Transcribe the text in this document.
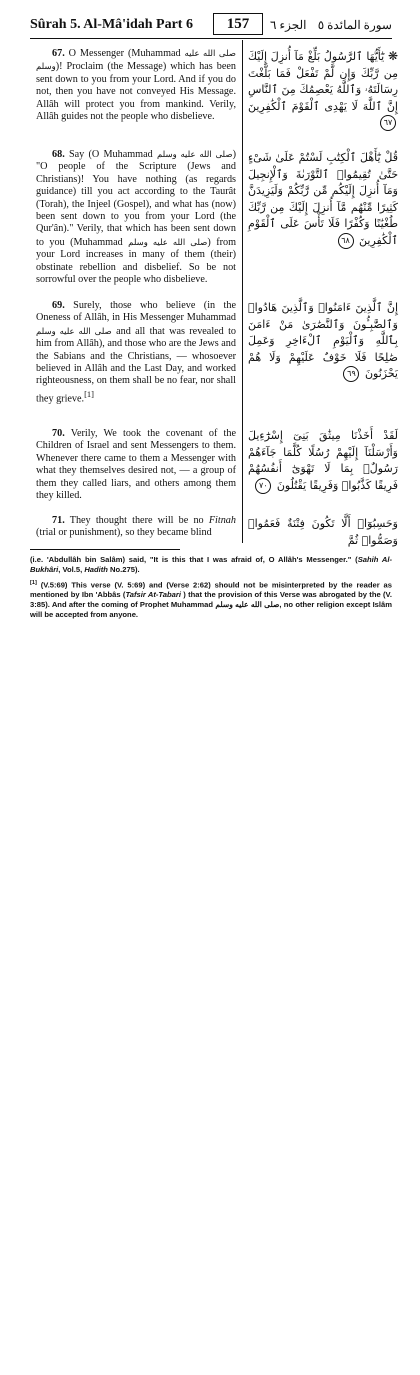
Sûrah 5. Al-Mâ'idah Part 6	157	الجزء ٦ سورة المائدة ٥

67. O Messenger (Muhammad صلى الله عليه وسلم)! Proclaim (the Message) which has been sent down to you from your Lord. And if you do not, then you have not conveyed His Message. Allâh will protect you from mankind. Verily, Allâh guides not the people who disbelieve.

68. Say (O Muhammad صلى الله عليه وسلم) "O people of the Scripture (Jews and Christians)! You have nothing (as regards guidance) till you act according to the Taurât (Torah), the Injeel (Gospel), and what has (now) been sent down to you from your Lord (the Qur'ân)." Verily, that which has been sent down to you (Muhammad صلى الله عليه وسلم) from your Lord increases in many of them (their) obstinate rebellion and disbelief. So be not sorrowful over the people who disbelieve.

69. Surely, those who believe (in the Oneness of Allâh, in His Messenger Muhammad صلى الله عليه وسلم and all that was revealed to him from Allâh), and those who are the Jews and the Sabians and the Christians, — whosoever believed in Allâh and the Last Day, and worked righteousness, on them shall be no fear, nor shall they grieve.[1]

70. Verily, We took the covenant of the Children of Israel and sent Messengers to them. Whenever there came to them a Messenger with what they themselves desired not, — a group of them they called liars, and others among them they killed.

71. They thought there will be no Fitnah (trial or punishment), so they became blind

❋ يَٰٓأَيُّهَا ٱلرَّسُولُ بَلِّغْ مَآ أُنزِلَ إِلَيْكَ مِن رَّبِّكَ وَإِن لَّمْ تَفْعَلْ فَمَا بَلَّغْتَ رِسَالَتَهُۥ وَٱللَّهُ يَعْصِمُكَ مِنَ ٱلنَّاسِ إِنَّ ٱللَّهَ لَا يَهْدِى ٱلْقَوْمَ ٱلْكَٰفِرِينَ ٦٧
قُلْ يَٰٓأَهْلَ ٱلْكِتَٰبِ لَسْتُمْ عَلَىٰ شَىْءٍ حَتَّىٰ تُقِيمُوا۟ ٱلتَّوْرَىٰةَ وَٱلْإِنجِيلَ وَمَآ أُنزِلَ إِلَيْكُم مِّن رَّبِّكُمْ وَلَيَزِيدَنَّ كَثِيرًا مِّنْهُم مَّآ أُنزِلَ إِلَيْكَ مِن رَّبِّكَ طُغْيَٰنًا وَكُفْرًا فَلَا تَأْسَ عَلَى ٱلْقَوْمِ ٱلْكَٰفِرِينَ ٦٨
إِنَّ ٱلَّذِينَ ءَامَنُوا۟ وَٱلَّذِينَ هَادُوا۟ وَٱلصَّٰبِـُٔونَ وَٱلنَّصَٰرَىٰ مَنْ ءَامَنَ بِٱللَّهِ وَٱلْيَوْمِ ٱلْءَاخِرِ وَعَمِلَ صَٰلِحًا فَلَا خَوْفٌ عَلَيْهِمْ وَلَا هُمْ يَحْزَنُونَ ٦٩
لَقَدْ أَخَذْنَا مِيثَٰقَ بَنِىٓ إِسْرَٰٓءِيلَ وَأَرْسَلْنَآ إِلَيْهِمْ رُسُلًا كُلَّمَا جَآءَهُمْ رَسُولٌۢ بِمَا لَا تَهْوَىٰٓ أَنفُسُهُمْ فَرِيقًا كَذَّبُوا۟ وَفَرِيقًا يَقْتُلُونَ ٧٠
وَحَسِبُوٓا۟ أَلَّا تَكُونَ فِتْنَةٌ فَعَمُوا۟ وَصَمُّوا۟ ثُمَّ

(i.e. 'Abdullâh bin Salâm) said, "It is this that I was afraid of, O Allâh's Messenger." (Sahih Al-Bukhâri, Vol.5, Hadith No.275).

[1] (V.5:69) This verse (V. 5:69) and (Verse 2:62) should not be misinterpreted by the reader as mentioned by Ibn 'Abbâs (Tafsir At-Tabari ) that the provision of this Verse was abrogated by the (V. 3:85). And after the coming of Prophet Muhammad صلى الله عليه وسلم, no other religion except Islâm will be accepted from anyone.
